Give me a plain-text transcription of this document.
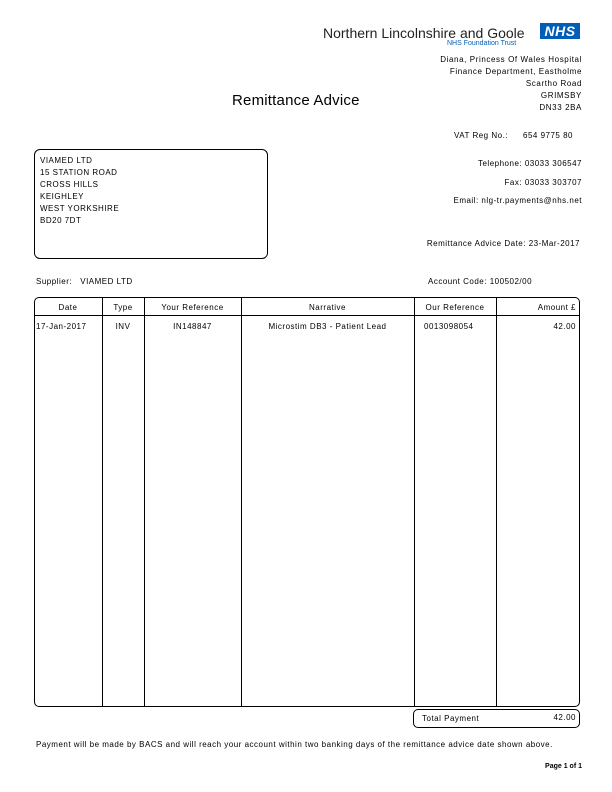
Northern Lincolnshire and Goole	NHS
NHS Foundation Trust
Diana, Princess Of Wales Hospital
Finance Department, Eastholme
Scartho Road
GRIMSBY
DN33 2BA
Remittance Advice
VAT Reg No.: 654 9775 80
VIAMED LTD
15 STATION ROAD
CROSS HILLS
KEIGHLEY
WEST YORKSHIRE
BD20 7DT
Telephone: 03033 306547
Fax: 03033 303707
Email: nlg-tr.payments@nhs.net
Remittance Advice Date: 23-Mar-2017
Supplier: VIAMED LTD	Account Code: 100502/00
Date	Type	Your Reference	Narrative	Our Reference	Amount £
17-Jan-2017	INV	IN148847	Microstim DB3 - Patient Lead	0013098054	42.00
Total Payment	42.00
Payment will be made by BACS and will reach your account within two banking days of the remittance advice date shown above.
Page 1 of 1
